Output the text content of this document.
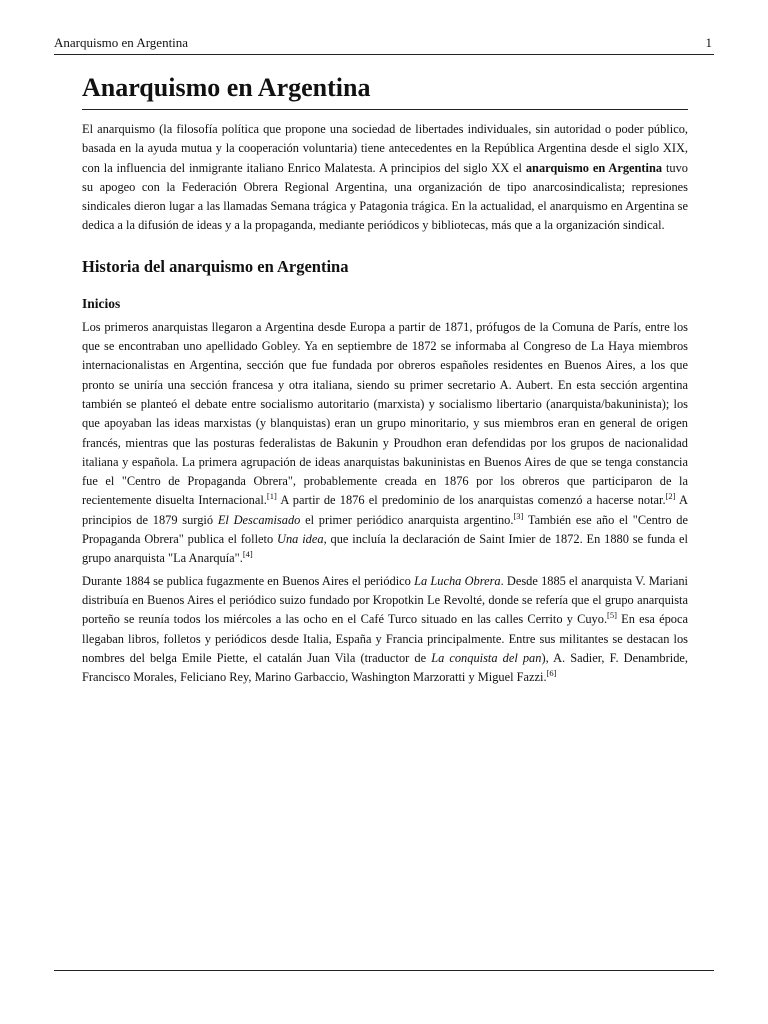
Anarquismo en Argentina	1
Anarquismo en Argentina

El anarquismo (la filosofía política que propone una sociedad de libertades individuales, sin autoridad o poder público, basada en la ayuda mutua y la cooperación voluntaria) tiene antecedentes en la República Argentina desde el siglo XIX, con la influencia del inmigrante italiano Enrico Malatesta. A principios del siglo XX el anarquismo en Argentina tuvo su apogeo con la Federación Obrera Regional Argentina, una organización de tipo anarcosindicalista; represiones sindicales dieron lugar a las llamadas Semana trágica y Patagonia trágica. En la actualidad, el anarquismo en Argentina se dedica a la difusión de ideas y a la propaganda, mediante periódicos y bibliotecas, más que a la organización sindical.

Historia del anarquismo en Argentina
Inicios

Los primeros anarquistas llegaron a Argentina desde Europa a partir de 1871, prófugos de la Comuna de París, entre los que se encontraban uno apellidado Gobley. Ya en septiembre de 1872 se informaba al Congreso de La Haya miembros internacionalistas en Argentina, sección que fue fundada por obreros españoles residentes en Buenos Aires, a los que pronto se uniría una sección francesa y otra italiana, siendo su primer secretario A. Aubert. En esta sección argentina también se planteó el debate entre socialismo autoritario (marxista) y socialismo libertario (anarquista/bakuninista); los que apoyaban las ideas marxistas (y blanquistas) eran un grupo minoritario, y sus miembros eran en general de origen francés, mientras que las posturas federalistas de Bakunin y Proudhon eran defendidas por los grupos de nacionalidad italiana y española. La primera agrupación de ideas anarquistas bakuninistas en Buenos Aires de que se tenga constancia fue el "Centro de Propaganda Obrera", probablemente creada en 1876 por los obreros que participaron de la recientemente disuelta Internacional.[1] A partir de 1876 el predominio de los anarquistas comenzó a hacerse notar.[2] A principios de 1879 surgió El Descamisado el primer periódico anarquista argentino.[3] También ese año el "Centro de Propaganda Obrera" publica el folleto Una idea, que incluía la declaración de Saint Imier de 1872. En 1880 se funda el grupo anarquista "La Anarquía".[4]

Durante 1884 se publica fugazmente en Buenos Aires el periódico La Lucha Obrera. Desde 1885 el anarquista V. Mariani distribuía en Buenos Aires el periódico suizo fundado por Kropotkin Le Revolté, donde se refería que el grupo anarquista porteño se reunía todos los miércoles a las ocho en el Café Turco situado en las calles Cerrito y Cuyo.[5] En esa época llegaban libros, folletos y periódicos desde Italia, España y Francia principalmente. Entre sus militantes se destacan los nombres del belga Emile Piette, el catalán Juan Vila (traductor de La conquista del pan), A. Sadier, F. Denambride, Francisco Morales, Feliciano Rey, Marino Garbaccio, Washington Marzoratti y Miguel Fazzi.[6]
